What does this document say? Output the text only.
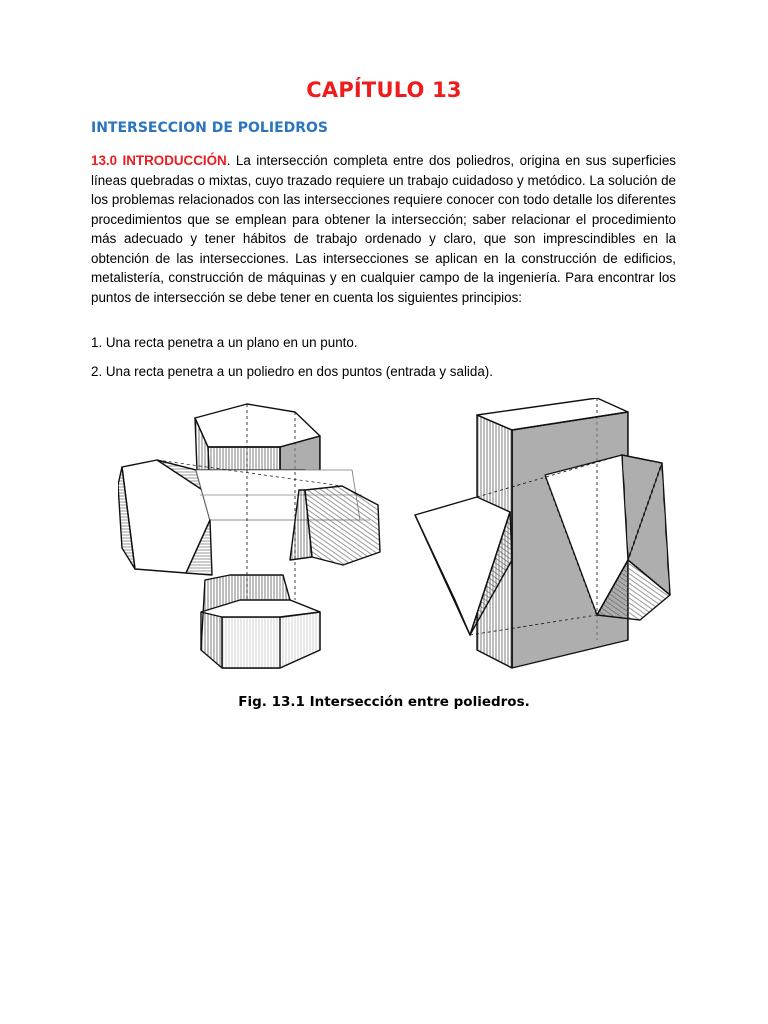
CAPÍTULO 13
INTERSECCION DE POLIEDROS
13.0 INTRODUCCIÓN. La intersección completa entre dos poliedros, origina en sus superficies líneas quebradas o mixtas, cuyo trazado requiere un trabajo cuidadoso y metódico. La solución de los problemas relacionados con las intersecciones requiere conocer con todo detalle los diferentes procedimientos que se emplean para obtener la intersección; saber relacionar el procedimiento más adecuado y tener hábitos de trabajo ordenado y claro, que son imprescindibles en la obtención de las intersecciones. Las intersecciones se aplican en la construcción de edificios, metalistería, construcción de máquinas y en cualquier campo de la ingeniería. Para encontrar los puntos de intersección se debe tener en cuenta los siguientes principios:
1. Una recta penetra a un plano en un punto.
2. Una recta penetra a un poliedro en dos puntos (entrada y salida).
Fig. 13.1 Intersección entre poliedros.
